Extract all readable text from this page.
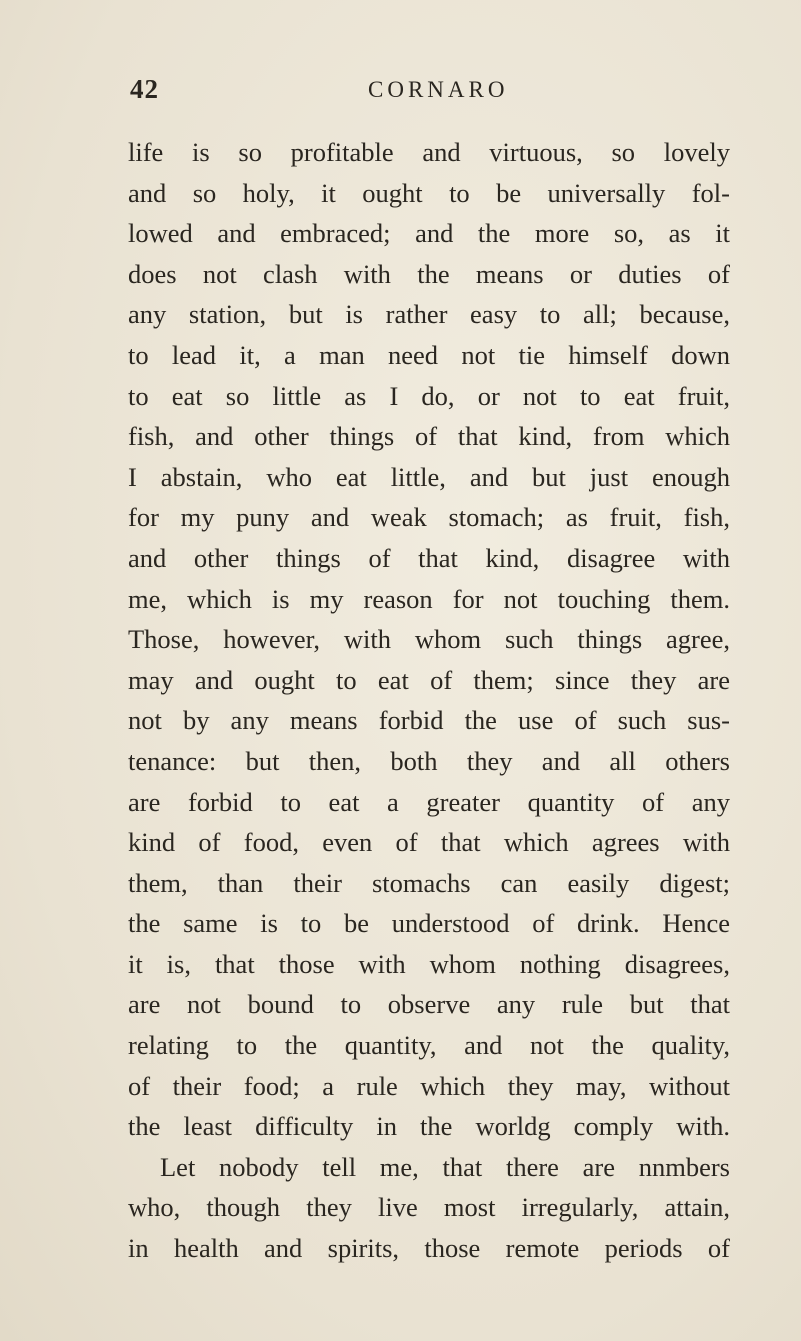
42	CORNARO
life is so profitable and virtuous, so lovely
and so holy, it ought to be universally fol-
lowed and embraced; and the more so, as it
does not clash with the means or duties of
any station, but is rather easy to all; because,
to lead it, a man need not tie himself down
to eat so little as I do, or not to eat fruit,
fish, and other things of that kind, from which
I abstain, who eat little, and but just enough
for my puny and weak stomach; as fruit, fish,
and other things of that kind, disagree with
me, which is my reason for not touching them.
Those, however, with whom such things agree,
may and ought to eat of them; since they are
not by any means forbid the use of such sus-
tenance: but then, both they and all others
are forbid to eat a greater quantity of any
kind of food, even of that which agrees with
them, than their stomachs can easily digest;
the same is to be understood of drink. Hence
it is, that those with whom nothing disagrees,
are not bound to observe any rule but that
relating to the quantity, and not the quality,
of their food; a rule which they may, without
the least difficulty in the worldg comply with.
Let nobody tell me, that there are nnmbers
who, though they live most irregularly, attain,
in health and spirits, those remote periods of
